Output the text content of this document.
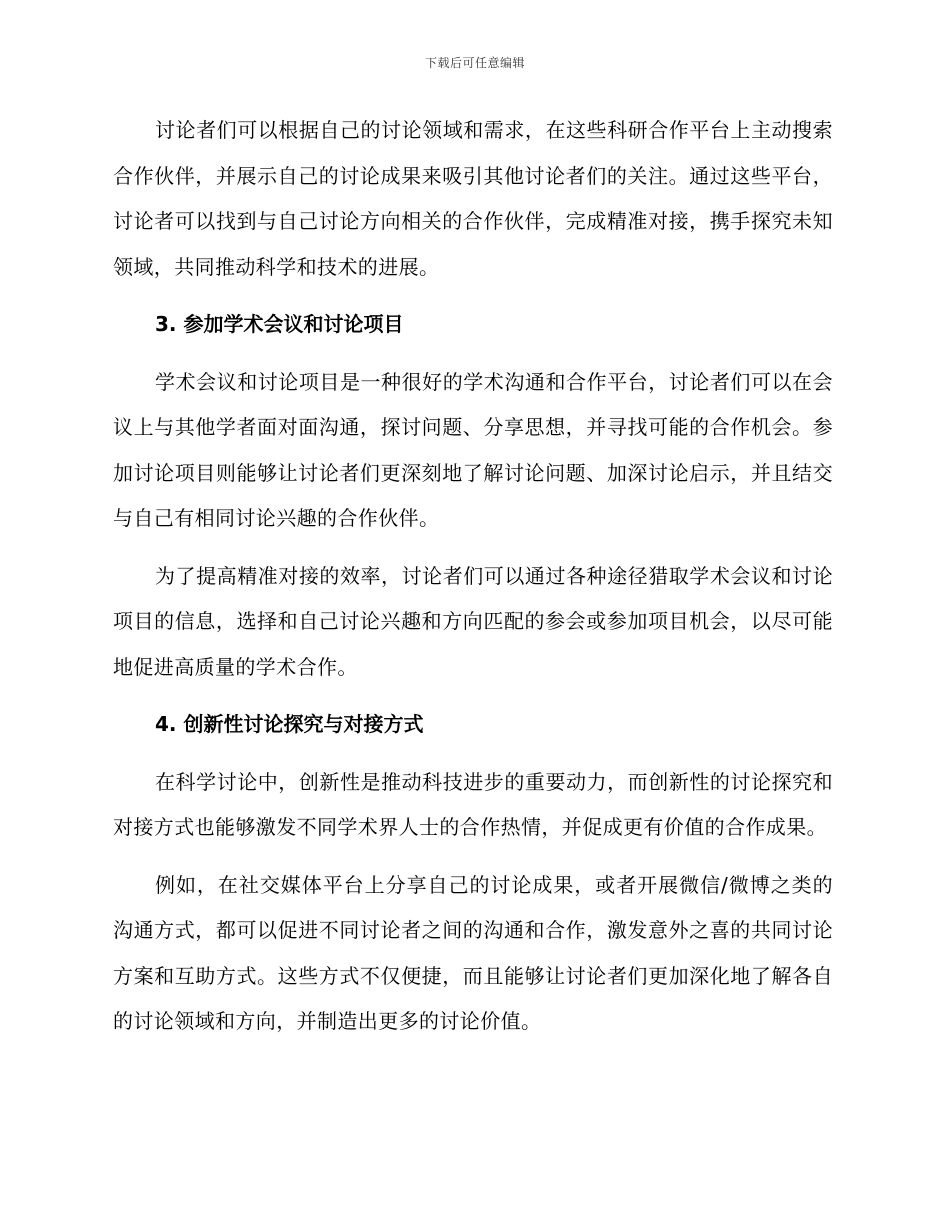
下载后可任意编辑

讨论者们可以根据自己的讨论领域和需求，在这些科研合作平台上主动搜索合作伙伴，并展示自己的讨论成果来吸引其他讨论者们的关注。通过这些平台，讨论者可以找到与自己讨论方向相关的合作伙伴，完成精准对接，携手探究未知领域，共同推动科学和技术的进展。

3. 参加学术会议和讨论项目

学术会议和讨论项目是一种很好的学术沟通和合作平台，讨论者们可以在会议上与其他学者面对面沟通，探讨问题、分享思想，并寻找可能的合作机会。参加讨论项目则能够让讨论者们更深刻地了解讨论问题、加深讨论启示，并且结交与自己有相同讨论兴趣的合作伙伴。

为了提高精准对接的效率，讨论者们可以通过各种途径猎取学术会议和讨论项目的信息，选择和自己讨论兴趣和方向匹配的参会或参加项目机会，以尽可能地促进高质量的学术合作。

4. 创新性讨论探究与对接方式

在科学讨论中，创新性是推动科技进步的重要动力，而创新性的讨论探究和对接方式也能够激发不同学术界人士的合作热情，并促成更有价值的合作成果。

例如，在社交媒体平台上分享自己的讨论成果，或者开展微信/微博之类的沟通方式，都可以促进不同讨论者之间的沟通和合作，激发意外之喜的共同讨论方案和互助方式。这些方式不仅便捷，而且能够让讨论者们更加深化地了解各自的讨论领域和方向，并制造出更多的讨论价值。
